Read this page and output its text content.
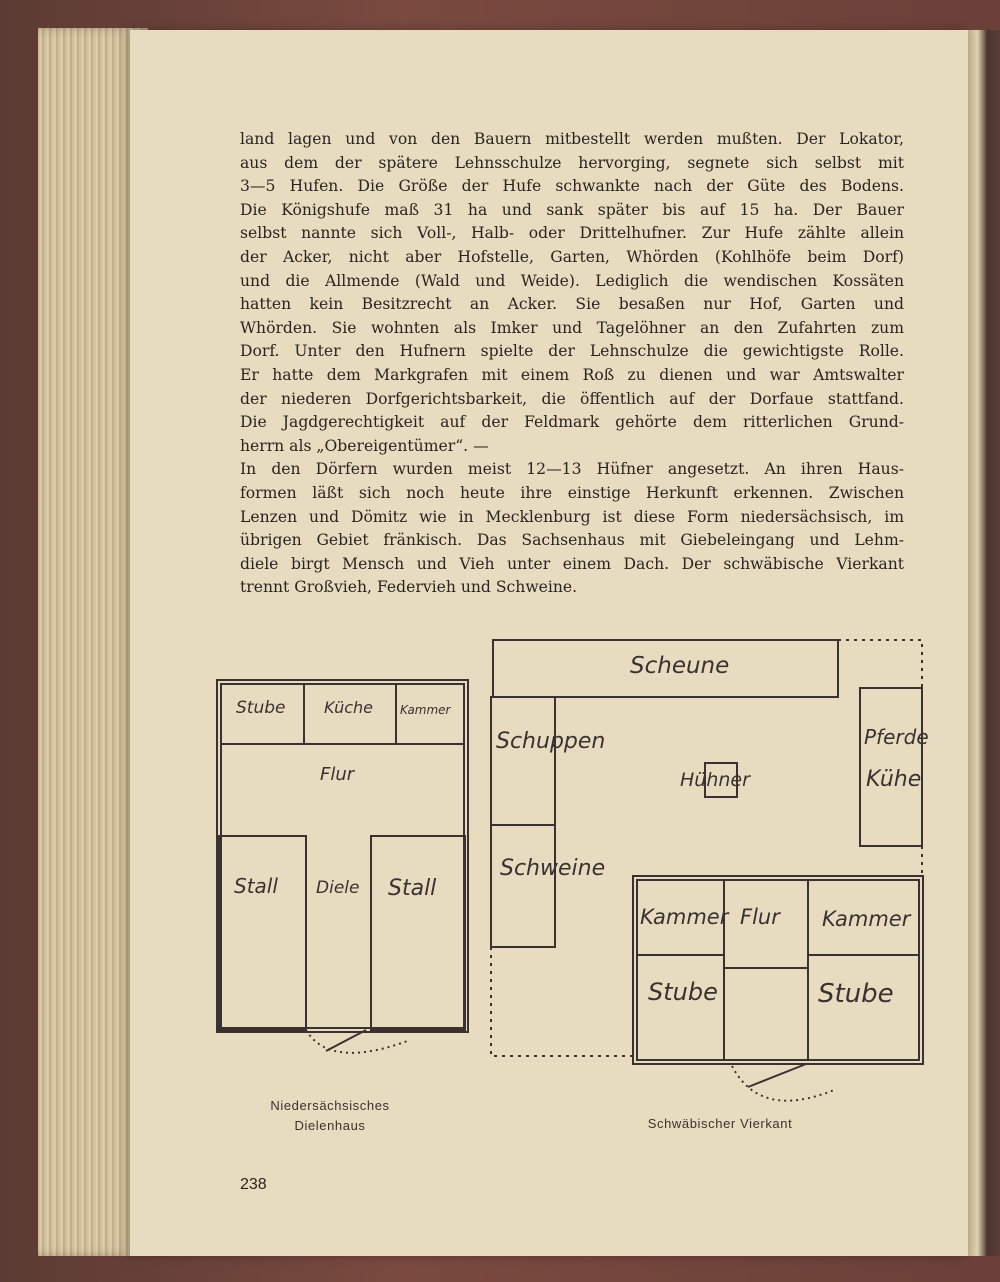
land lagen und von den Bauern mitbestellt werden mußten. Der Lokator,
aus dem der spätere Lehnsschulze hervorging, segnete sich selbst mit
3—5 Hufen. Die Größe der Hufe schwankte nach der Güte des Bodens.
Die Königshufe maß 31 ha und sank später bis auf 15 ha. Der Bauer
selbst nannte sich Voll-, Halb- oder Drittelhufner. Zur Hufe zählte allein
der Acker, nicht aber Hofstelle, Garten, Whörden (Kohlhöfe beim Dorf)
und die Allmende (Wald und Weide). Lediglich die wendischen Kossäten
hatten kein Besitzrecht an Acker. Sie besaßen nur Hof, Garten und
Whörden. Sie wohnten als Imker und Tagelöhner an den Zufahrten zum
Dorf. Unter den Hufnern spielte der Lehnschulze die gewichtigste Rolle.
Er hatte dem Markgrafen mit einem Roß zu dienen und war Amtswalter
der niederen Dorfgerichtsbarkeit, die öffentlich auf der Dorfaue stattfand.
Die Jagdgerechtigkeit auf der Feldmark gehörte dem ritterlichen Grund-
herrn als „Obereigentümer“. —
In den Dörfern wurden meist 12—13 Hüfner angesetzt. An ihren Haus-
formen läßt sich noch heute ihre einstige Herkunft erkennen. Zwischen
Lenzen und Dömitz wie in Mecklenburg ist diese Form niedersächsisch, im
übrigen Gebiet fränkisch. Das Sachsenhaus mit Giebeleingang und Lehm-
diele birgt Mensch und Vieh unter einem Dach. Der schwäbische Vierkant
trennt Großvieh, Federvieh und Schweine.
Stube Küche Kammer
Flur
Stall Diele Stall
Scheune
Schuppen
Hühner
Pferde
Kühe
Schweine
Kammer Flur Kammer
Stube	Stube
Niedersächsisches
Dielenhaus	Schwäbischer Vierkant
238
